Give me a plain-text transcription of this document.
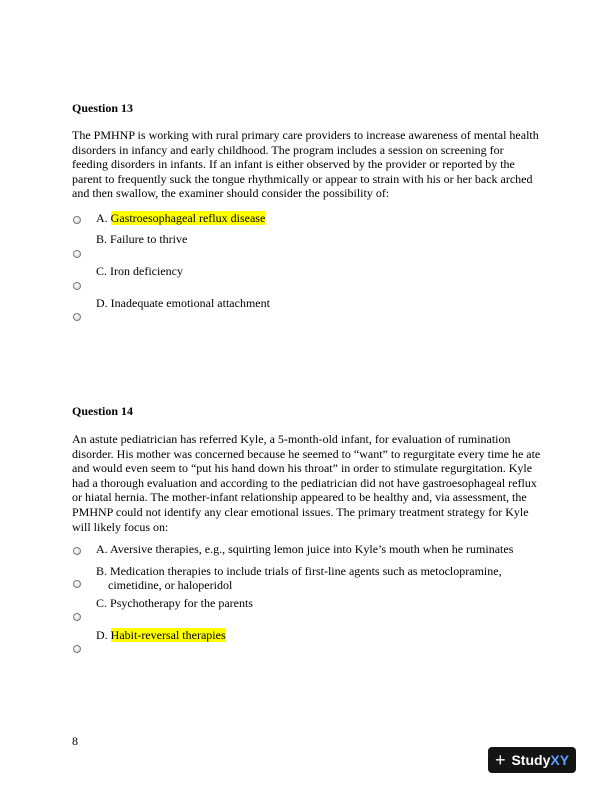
Question 13
The PMHNP is working with rural primary care providers to increase awareness of mental health disorders in infancy and early childhood. The program includes a session on screening for feeding disorders in infants. If an infant is either observed by the provider or reported by the parent to frequently suck the tongue rhythmically or appear to strain with his or her back arched and then swallow, the examiner should consider the possibility of:
A. Gastroesophageal reflux disease
B. Failure to thrive
C. Iron deficiency
D. Inadequate emotional attachment
Question 14
An astute pediatrician has referred Kyle, a 5-month-old infant, for evaluation of rumination disorder. His mother was concerned because he seemed to “want” to regurgitate every time he ate and would even seem to “put his hand down his throat” in order to stimulate regurgitation. Kyle had a thorough evaluation and according to the pediatrician did not have gastroesophageal reflux or hiatal hernia. The mother-infant relationship appeared to be healthy and, via assessment, the PMHNP could not identify any clear emotional issues. The primary treatment strategy for Kyle will likely focus on:
A. Aversive therapies, e.g., squirting lemon juice into Kyle’s mouth when he ruminates
B. Medication therapies to include trials of first-line agents such as metoclopramine,
cimetidine, or haloperidol
C. Psychotherapy for the parents
D. Habit-reversal therapies
8
+ StudyXY
